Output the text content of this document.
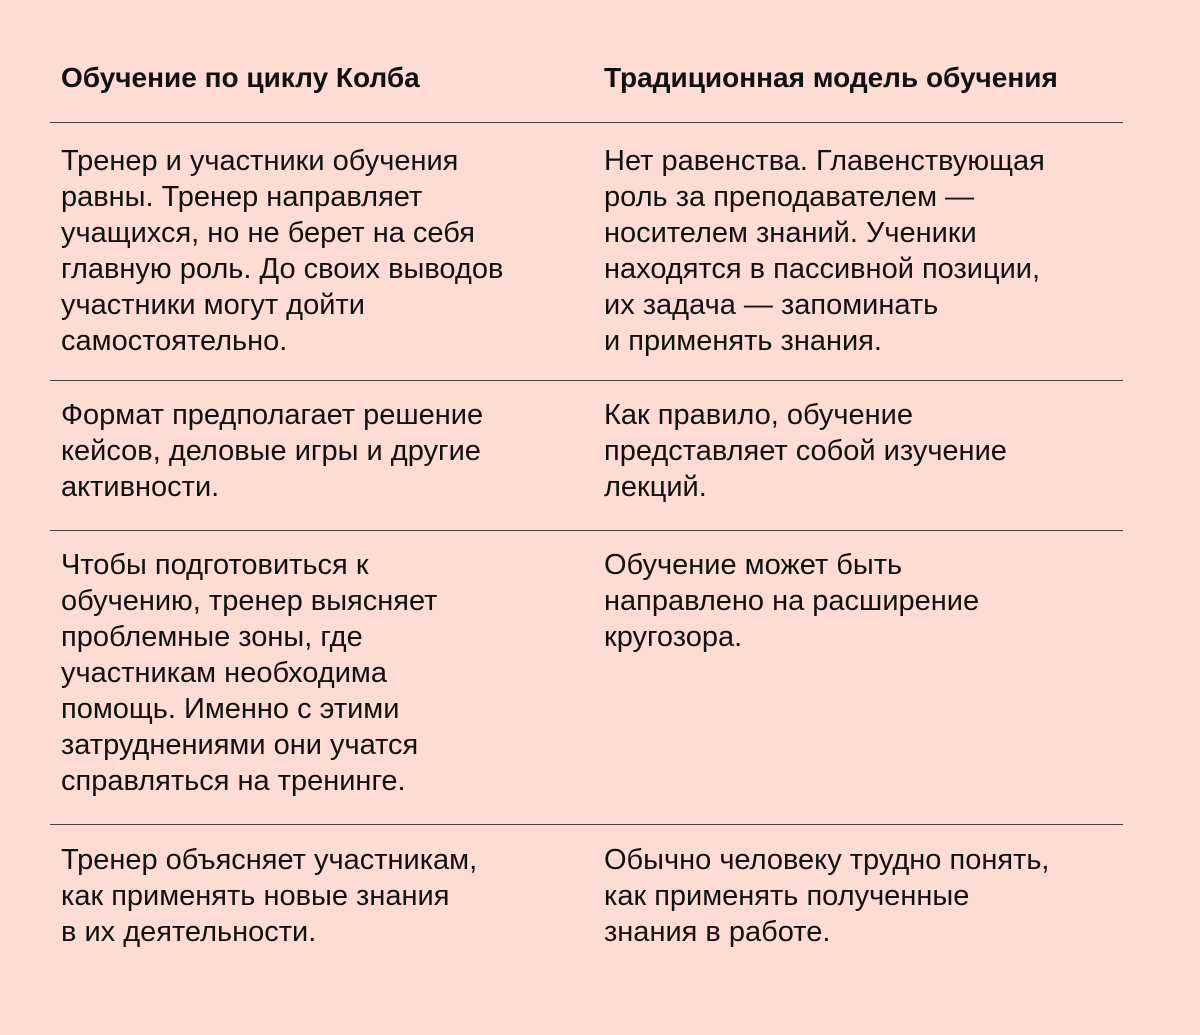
Обучение по циклу Колба	Традиционная модель обучения
Тренер и участники обучения
равны. Тренер направляет
учащихся, но не берет на себя
главную роль. До своих выводов
участники могут дойти
самостоятельно.
Нет равенства. Главенствующая
роль за преподавателем —
носителем знаний. Ученики
находятся в пассивной позиции,
их задача — запоминать
и применять знания.
Формат предполагает решение
кейсов, деловые игры и другие
активности.
Как правило, обучение
представляет собой изучение
лекций.
Чтобы подготовиться к
обучению, тренер выясняет
проблемные зоны, где
участникам необходима
помощь. Именно с этими
затруднениями они учатся
справляться на тренинге.
Обучение может быть
направлено на расширение
кругозора.
Тренер объясняет участникам,
как применять новые знания
в их деятельности.
Обычно человеку трудно понять,
как применять полученные
знания в работе.
